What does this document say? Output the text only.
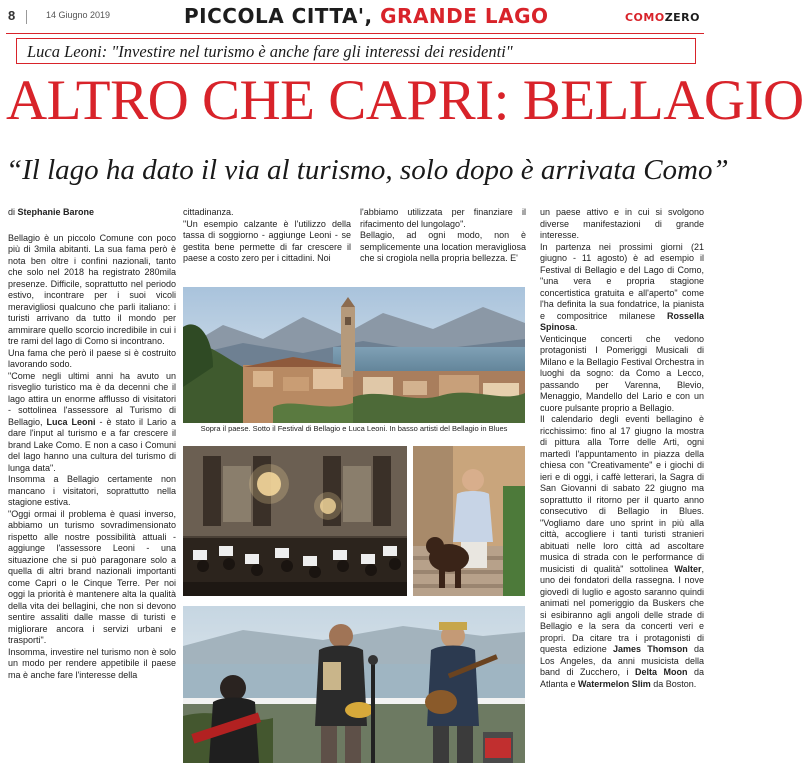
8	14 Giugno 2019	PICCOLA CITTA', GRANDE LAGO	COMOZERO
Luca Leoni: "Investire nel turismo è anche fare gli interessi dei residenti"
ALTRO CHE CAPRI: BELLAGIO
“Il lago ha dato il via al turismo, solo dopo è arrivata Como”
di Stephanie Barone

Bellagio è un piccolo Comune con poco più di 3mila abitanti. La sua fama però è nota ben oltre i confini nazionali, tanto che solo nel 2018 ha registrato 280mila presenze. Difficile, soprattutto nel periodo estivo, incontrare per i suoi vicoli meravigliosi qualcuno che parli italiano: i turisti arrivano da tutto il mondo per ammirare quello scorcio incredibile in cui i tre rami del lago di Como si incontrano.

Una fama che però il paese si è costruito lavorando sodo.

"Come negli ultimi anni ha avuto un risveglio turistico ma è da decenni che il lago attira un enorme afflusso di visitatori - sottolinea l'assessore al Turismo di Bellagio, Luca Leoni - è stato il Lario a dare l'input al turismo e a far crescere il brand Lake Como. E non a caso i Comuni del lago hanno una cultura del turismo di lunga data".

Insomma a Bellagio certamente non mancano i visitatori, soprattutto nella stagione estiva.

"Oggi ormai il problema è quasi inverso, abbiamo un turismo sovradimensionato rispetto alle nostre possibilità attuali - aggiunge l'assessore Leoni - una situazione che si può paragonare solo a quella di altri brand nazionali importanti come Capri o le Cinque Terre. Per noi oggi la priorità è mantenere alta la qualità della vita dei bellagini, che non si devono sentire assaliti dalle masse di turisti e migliorare ancora i servizi urbani e trasporti".

Insomma, investire nel turismo non è solo un modo per rendere appetibile il paese ma è anche fare l'interesse della

cittadinanza.
"Un esempio calzante è l'utilizzo della tassa di soggiorno - aggiunge Leoni - se gestita bene permette di far crescere il paese a costo zero per i cittadini. Noi
l'abbiamo utilizzata per finanziare il rifacimento del lungolago".
Bellagio, ad ogni modo, non è semplicemente una location meravigliosa che si crogiola nella propria bellezza. E'
Sopra il paese. Sotto il Festival di Bellagio e Luca Leoni. In basso artisti del Bellagio in Blues

un paese attivo e in cui si svolgono diverse manifestazioni di grande interesse.

In partenza nei prossimi giorni (21 giugno - 11 agosto) è ad esempio il Festival di Bellagio e del Lago di Como, "una vera e propria stagione concertistica gratuita e all'aperto" come l'ha definita la sua fondatrice, la pianista e compositrice milanese Rossella Spinosa.

Venticinque concerti che vedono protagonisti I Pomeriggi Musicali di Milano e la Bellagio Festival Orchestra in luoghi da sogno: da Como a Lecco, passando per Varenna, Blevio, Menaggio, Mandello del Lario e con un cuore pulsante proprio a Bellagio.

Il calendario degli eventi bellagino è ricchissimo: fino al 17 giugno la mostra di pittura alla Torre delle Arti, ogni martedì l'appuntamento in piazza della chiesa con "Creativamente" e i giochi di ieri e di oggi, i caffè letterari, la Sagra di San Giovanni di sabato 22 giugno ma soprattutto il ritorno per il quarto anno consecutivo di Bellagio in Blues. "Vogliamo dare uno sprint in più alla città, accogliere i tanti turisti stranieri abituati nelle loro città ad ascoltare musica di strada con le performance di musicisti di qualità" sottolinea Walter, uno dei fondatori della rassegna. I nove giovedì di luglio e agosto saranno quindi animati nel pomeriggio da Buskers che si esibiranno agli angoli delle strade di Bellagio e la sera da concerti veri e propri. Da citare tra i protagonisti di questa edizione James Thomson da Los Angeles, da anni musicista della band di Zucchero, i Delta Moon da Atlanta e Watermelon Slim da Boston.
